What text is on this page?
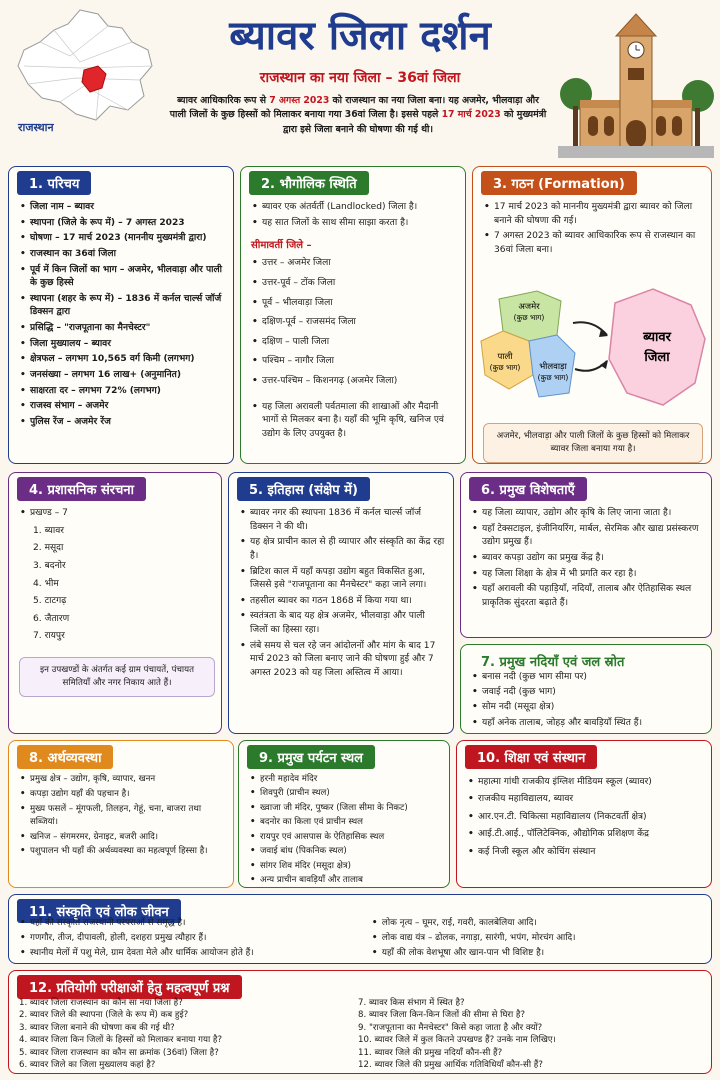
राजस्थान
ब्यावर जिला दर्शन
राजस्थान का नया जिला – 36वां जिला
ब्यावर आधिकारिक रूप से 7 अगस्त 2023 को राजस्थान का नया जिला बना। यह अजमेर, भीलवाड़ा और पाली जिलों के कुछ हिस्सों को मिलाकर बनाया गया 36वां जिला है। इससे पहले 17 मार्च 2023 को मुख्यमंत्री द्वारा इसे जिला बनाने की घोषणा की गई थी।
1. परिचय
• जिला नाम – ब्यावर
• स्थापना (जिले के रूप में) – 7 अगस्त 2023
• घोषणा – 17 मार्च 2023 (माननीय मुख्यमंत्री द्वारा)
• राजस्थान का 36वां जिला
• पूर्व में किन जिलों का भाग – अजमेर, भीलवाड़ा और पाली के कुछ हिस्से
• स्थापना (शहर के रूप में) – 1836 में कर्नल चार्ल्स जॉर्ज डिक्सन द्वारा
• प्रसिद्धि – "राजपूताना का मैनचेस्टर"
• जिला मुख्यालय – ब्यावर
• क्षेत्रफल – लगभग 10,565 वर्ग किमी (लगभग)
• जनसंख्या – लगभग 16 लाख+ (अनुमानित)
• साक्षरता दर – लगभग 72% (लगभग)
• राजस्व संभाग – अजमेर
• पुलिस रेंज – अजमेर रेंज
2. भौगोलिक स्थिति
• ब्यावर एक अंतर्वर्ती (Landlocked) जिला है।
• यह सात जिलों के साथ सीमा साझा करता है।
सीमावर्ती जिले –
• उत्तर – अजमेर जिला
• उत्तर-पूर्व – टोंक जिला
• पूर्व – भीलवाड़ा जिला
• दक्षिण-पूर्व – राजसमंद जिला
• दक्षिण – पाली जिला
• पश्चिम – नागौर जिला
• उत्तर-पश्चिम – किशनगढ़ (अजमेर जिला)
• यह जिला अरावली पर्वतमाला की शाखाओं और मैदानी भागों से मिलकर बना है। यहाँ की भूमि कृषि, खनिज एवं उद्योग के लिए उपयुक्त है।
3. गठन (Formation)
• 17 मार्च 2023 को माननीय मुख्यमंत्री द्वारा ब्यावर को जिला बनाने की घोषणा की गई।
• 7 अगस्त 2023 को ब्यावर आधिकारिक रूप से राजस्थान का 36वां जिला बना।
अजमेर
(कुछ भाग)
पाली
(कुछ भाग) भीलवाड़ा
(कुछ भाग)
ब्यावर
जिला
अजमेर, भीलवाड़ा और पाली जिलों के कुछ हिस्सों को मिलाकर ब्यावर जिला बनाया गया है।
4. प्रशासनिक संरचना
• प्रखण्ड – 7
1. ब्यावर
2. मसूदा
3. बदनोर
4. भीम
5. टाटगढ़
6. जैतारण
7. रायपुर
इन उपखण्डों के अंतर्गत कई ग्राम पंचायतें, पंचायत समितियाँ और नगर निकाय आते हैं।
5. इतिहास (संक्षेप में)
• ब्यावर नगर की स्थापना 1836 में कर्नल चार्ल्स जॉर्ज डिक्सन ने की थी।
• यह क्षेत्र प्राचीन काल से ही व्यापार और संस्कृति का केंद्र रहा है।
• ब्रिटिश काल में यहाँ कपड़ा उद्योग बहुत विकसित हुआ, जिससे इसे "राजपूताना का मैनचेस्टर" कहा जाने लगा।
• तहसील ब्यावर का गठन 1868 में किया गया था।
• स्वतंत्रता के बाद यह क्षेत्र अजमेर, भीलवाड़ा और पाली जिलों का हिस्सा रहा।
• लंबे समय से चल रहे जन आंदोलनों और मांग के बाद 17 मार्च 2023 को जिला बनाए जाने की घोषणा हुई और 7 अगस्त 2023 को यह जिला अस्तित्व में आया।
6. प्रमुख विशेषताएँ
• यह जिला व्यापार, उद्योग और कृषि के लिए जाना जाता है।
• यहाँ टेक्सटाइल, इंजीनियरिंग, मार्बल, सेरमिक और खाद्य प्रसंस्करण उद्योग प्रमुख हैं।
• ब्यावर कपड़ा उद्योग का प्रमुख केंद्र है।
• यह जिला शिक्षा के क्षेत्र में भी प्रगति कर रहा है।
• यहाँ अरावली की पहाड़ियाँ, नदियाँ, तालाब और ऐतिहासिक स्थल प्राकृतिक सुंदरता बढ़ाते हैं।
7. प्रमुख नदियाँ एवं जल स्रोत
• बनास नदी (कुछ भाग सीमा पर)
• जवाई नदी (कुछ भाग)
• सोम नदी (मसूदा क्षेत्र)
• यहाँ अनेक तालाब, जोहड़ और बावड़ियाँ स्थित हैं।
8. अर्थव्यवस्था
• प्रमुख क्षेत्र – उद्योग, कृषि, व्यापार, खनन
• कपड़ा उद्योग यहाँ की पहचान है।
• मुख्य फसलें – मूंगफली, तिलहन, गेहूं, चना, बाजरा तथा सब्जियां।
• खनिज – संगमरमर, ग्रेनाइट, बजरी आदि।
• पशुपालन भी यहाँ की अर्थव्यवस्था का महत्वपूर्ण हिस्सा है।
9. प्रमुख पर्यटन स्थल
• हरनी महादेव मंदिर
• शिवपुरी (प्राचीन स्थल)
• ख्वाजा जी मंदिर, पुष्कर (जिला सीमा के निकट)
• बदनोर का किला एवं प्राचीन स्थल
• रायपुर एवं आसपास के ऐतिहासिक स्थल
• जवाई बांध (पिकनिक स्थल)
• सांगर शिव मंदिर (मसूदा क्षेत्र)
• अन्य प्राचीन बावड़ियाँ और तालाब
10. शिक्षा एवं संस्थान
• महात्मा गांधी राजकीय इंग्लिश मीडियम स्कूल (ब्यावर)
• राजकीय महाविद्यालय, ब्यावर
• आर.एन.टी. चिकित्सा महाविद्यालय (निकटवर्ती क्षेत्र)
• आई.टी.आई., पॉलिटेक्निक, औद्योगिक प्रशिक्षण केंद्र
• कई निजी स्कूल और कोचिंग संस्थान
11. संस्कृति एवं लोक जीवन
• यहाँ की संस्कृति राजस्थानी परंपराओं से समृद्ध है।
• गणगौर, तीज, दीपावली, होली, दशहरा प्रमुख त्यौहार हैं।
• स्थानीय मेलों में पशु मेले, ग्राम देवता मेले और धार्मिक आयोजन होते हैं।
• लोक नृत्य – घूमर, राई, गवरी, कालबेलिया आदि।
• लोक वाद्य यंत्र – ढोलक, नगाड़ा, सारंगी, भपंग, मोरचंग आदि।
• यहाँ की लोक वेशभूषा और खान-पान भी विशिष्ट है।
12. प्रतियोगी परीक्षाओं हेतु महत्वपूर्ण प्रश्न
1. ब्यावर जिला राजस्थान का कौन सा नया जिला है?
2. ब्यावर जिले की स्थापना (जिले के रूप में) कब हुई?
3. ब्यावर जिला बनाने की घोषणा कब की गई थी?
4. ब्यावर जिला किन जिलों के हिस्सों को मिलाकर बनाया गया है?
5. ब्यावर जिला राजस्थान का कौन सा क्रमांक (36वां) जिला है?
6. ब्यावर जिले का जिला मुख्यालय कहां है?
7. ब्यावर किस संभाग में स्थित है?
8. ब्यावर जिला किन-किन जिलों की सीमा से घिरा है?
9. "राजपूताना का मैनचेस्टर" किसे कहा जाता है और क्यों?
10. ब्यावर जिले में कुल कितने उपखण्ड हैं? उनके नाम लिखिए।
11. ब्यावर जिले की प्रमुख नदियाँ कौन-सी हैं?
12. ब्यावर जिले की प्रमुख आर्थिक गतिविधियाँ कौन-सी हैं?
